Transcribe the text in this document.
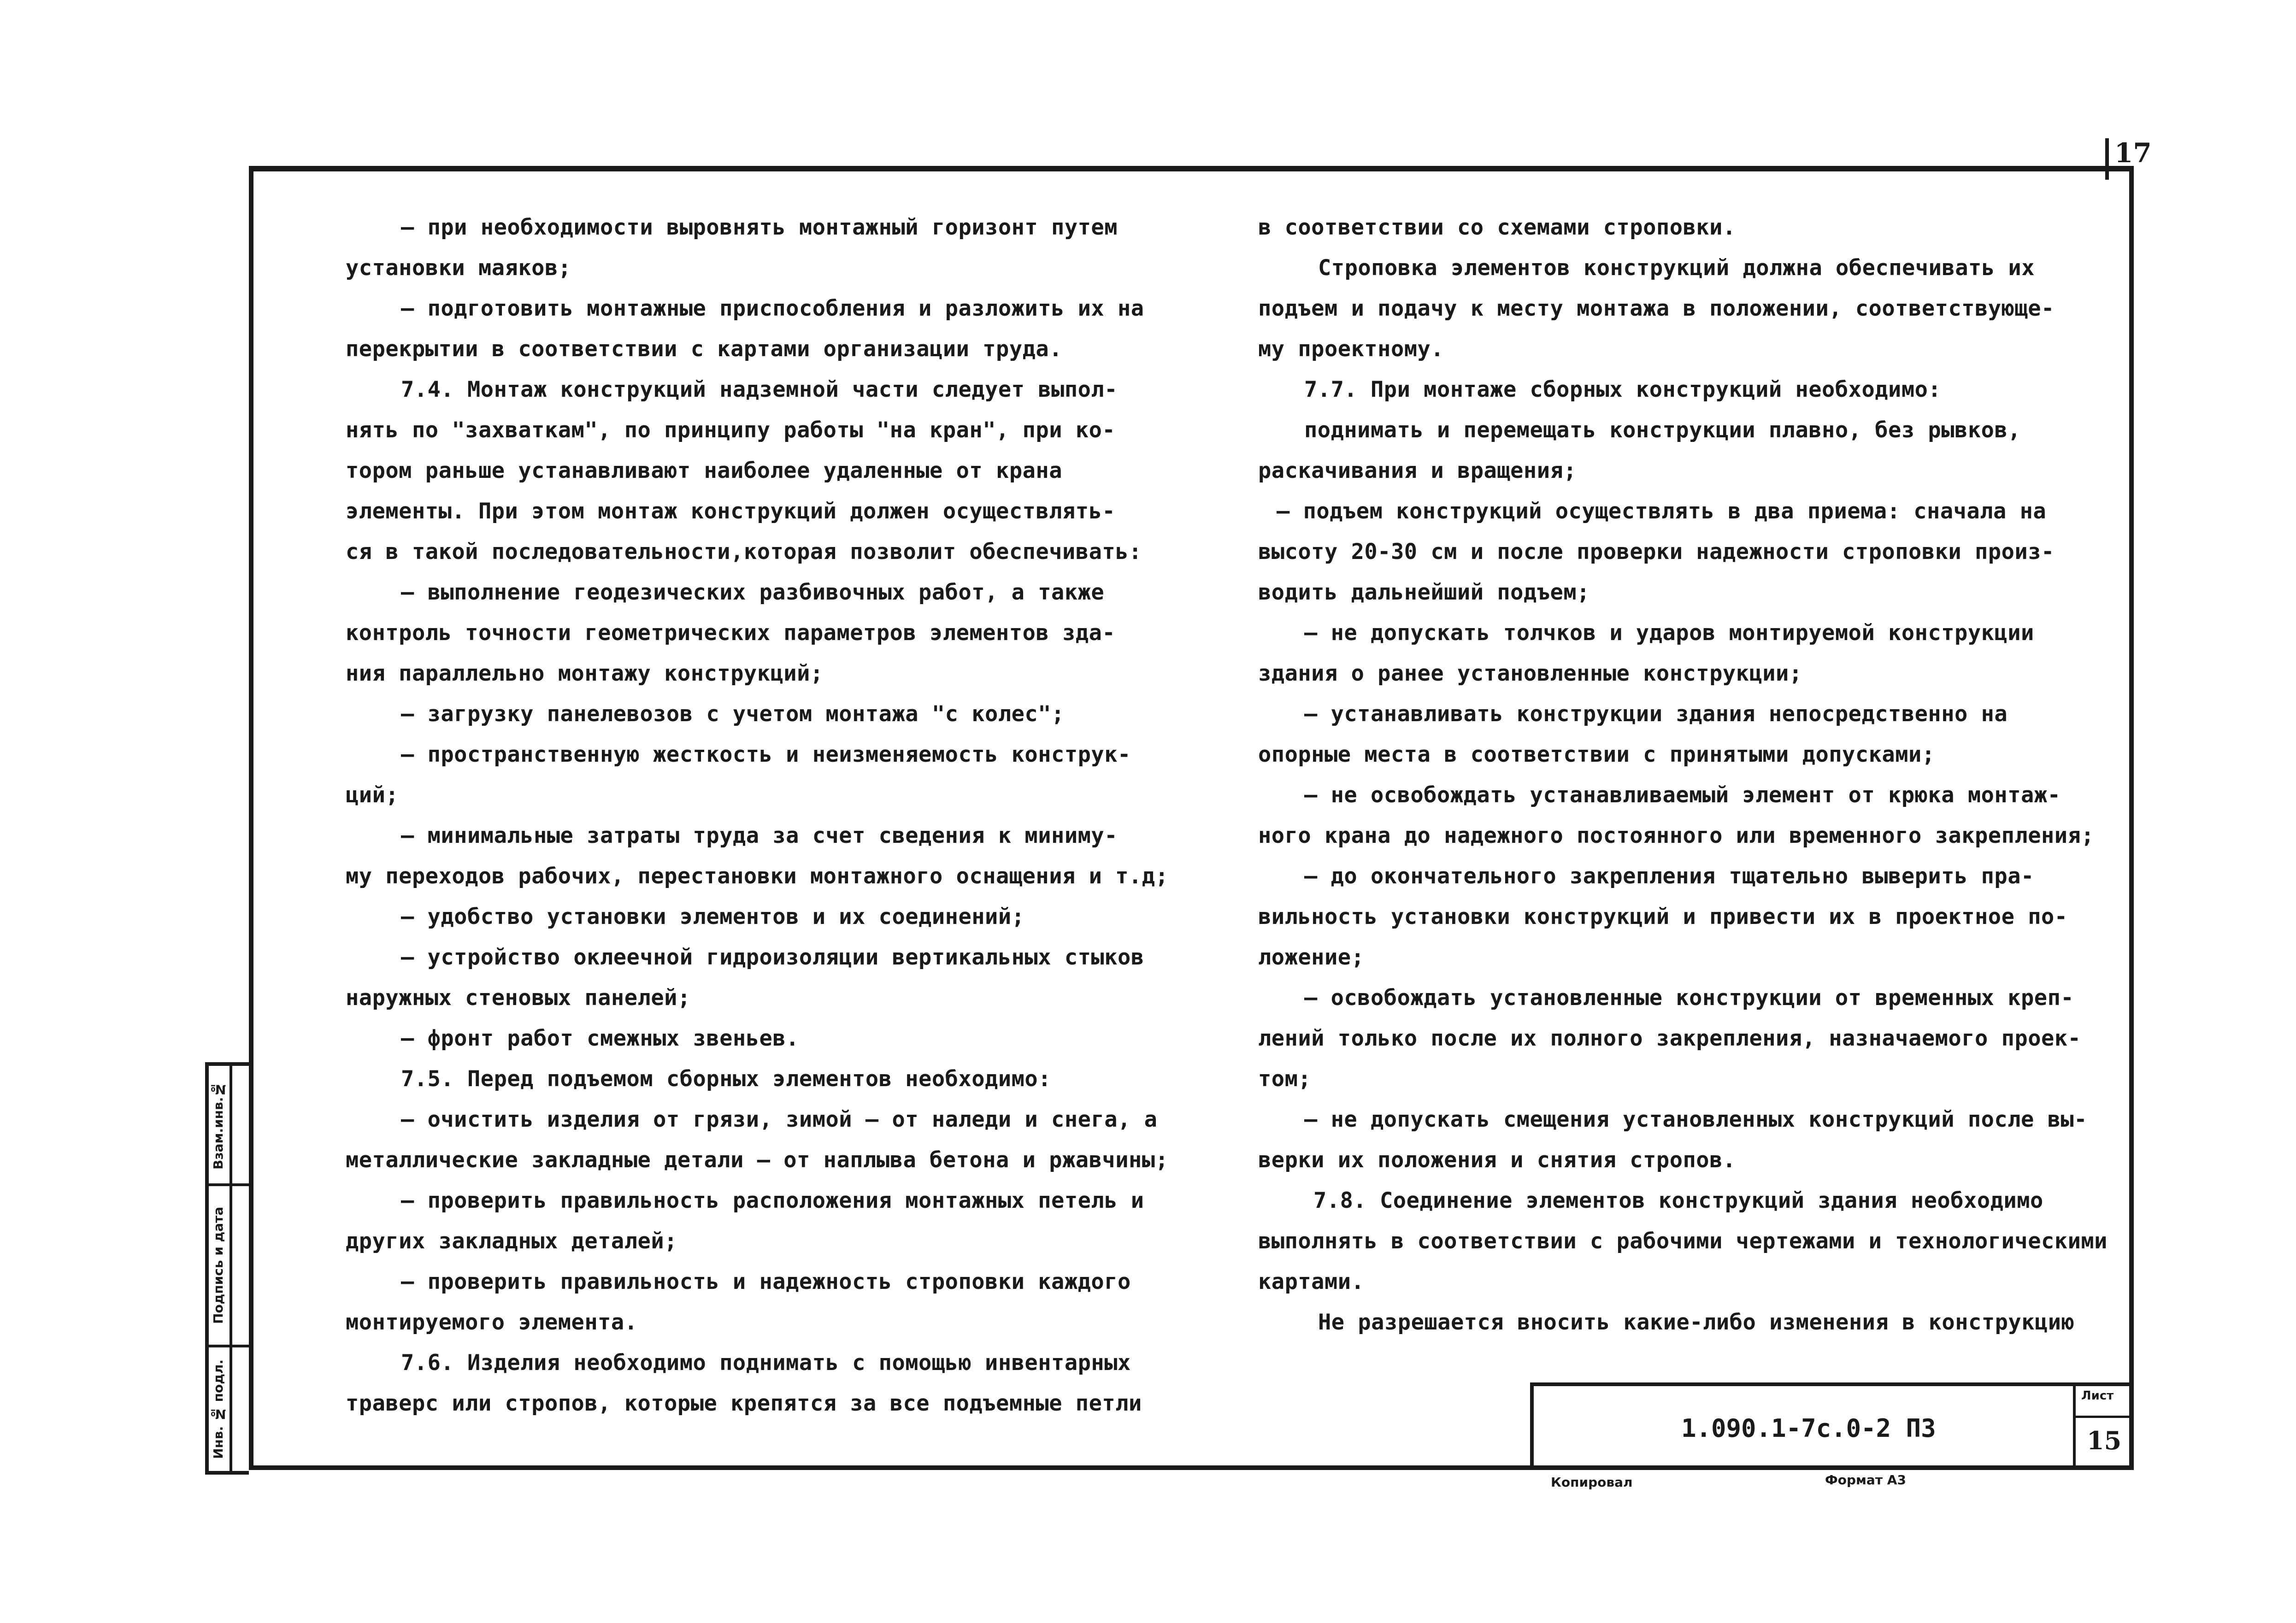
17

– при необходимости выровнять монтажный горизонт путем

установки маяков;

– подготовить монтажные приспособления и разложить их на

перекрытии в соответствии с картами организации труда.

7.4. Монтаж конструкций надземной части следует выпол-

нять по "захваткам", по принципу работы "на кран", при ко-

тором раньше устанавливают наиболее удаленные от крана

элементы. При этом монтаж конструкций должен осуществлять-

ся в такой последовательности,которая позволит обеспечивать:

– выполнение геодезических разбивочных работ, а также

контроль точности геометрических параметров элементов зда-

ния параллельно монтажу конструкций;

– загрузку панелевозов с учетом монтажа "с колес";

– пространственную жесткость и неизменяемость конструк-

ций;

– минимальные затраты труда за счет сведения к миниму-

му переходов рабочих, перестановки монтажного оснащения и т.д;

– удобство установки элементов и их соединений;

– устройство оклеечной гидроизоляции вертикальных стыков

наружных стеновых панелей;

– фронт работ смежных звеньев.

7.5. Перед подъемом сборных элементов необходимо:

– очистить изделия от грязи, зимой – от наледи и снега, а

металлические закладные детали – от наплыва бетона и ржавчины;

– проверить правильность расположения монтажных петель и

других закладных деталей;

– проверить правильность и надежность строповки каждого

монтируемого элемента.

7.6. Изделия необходимо поднимать с помощью инвентарных

траверс или стропов, которые крепятся за все подъемные петли

в соответствии со схемами строповки.

Строповка элементов конструкций должна обеспечивать их

подъем и подачу к месту монтажа в положении, соответствующе-

му проектному.

7.7. При монтаже сборных конструкций необходимо:

поднимать и перемещать конструкции плавно, без рывков,

раскачивания и вращения;

– подъем конструкций осуществлять в два приема: сначала на

высоту 20-30 см и после проверки надежности строповки произ-

водить дальнейший подъем;

– не допускать толчков и ударов монтируемой конструкции

здания о ранее установленные конструкции;

– устанавливать конструкции здания непосредственно на

опорные места в соответствии с принятыми допусками;

– не освобождать устанавливаемый элемент от крюка монтаж-

ного крана до надежного постоянного или временного закрепления;

– до окончательного закрепления тщательно выверить пра-

вильность установки конструкций и привести их в проектное по-

ложение;

– освобождать установленные конструкции от временных креп-

лений только после их полного закрепления, назначаемого проек-

том;

– не допускать смещения установленных конструкций после вы-

верки их положения и снятия стропов.

7.8. Соединение элементов конструкций здания необходимо

выполнять в соответствии с рабочими чертежами и технологическими

картами.

Не разрешается вносить какие-либо изменения в конструкцию

Взам.инв.№
Подпись и дата
Инв. № подл.	1.090.1-7с.0-2 ПЗ
Лист
15
Копировал	Формат А3
